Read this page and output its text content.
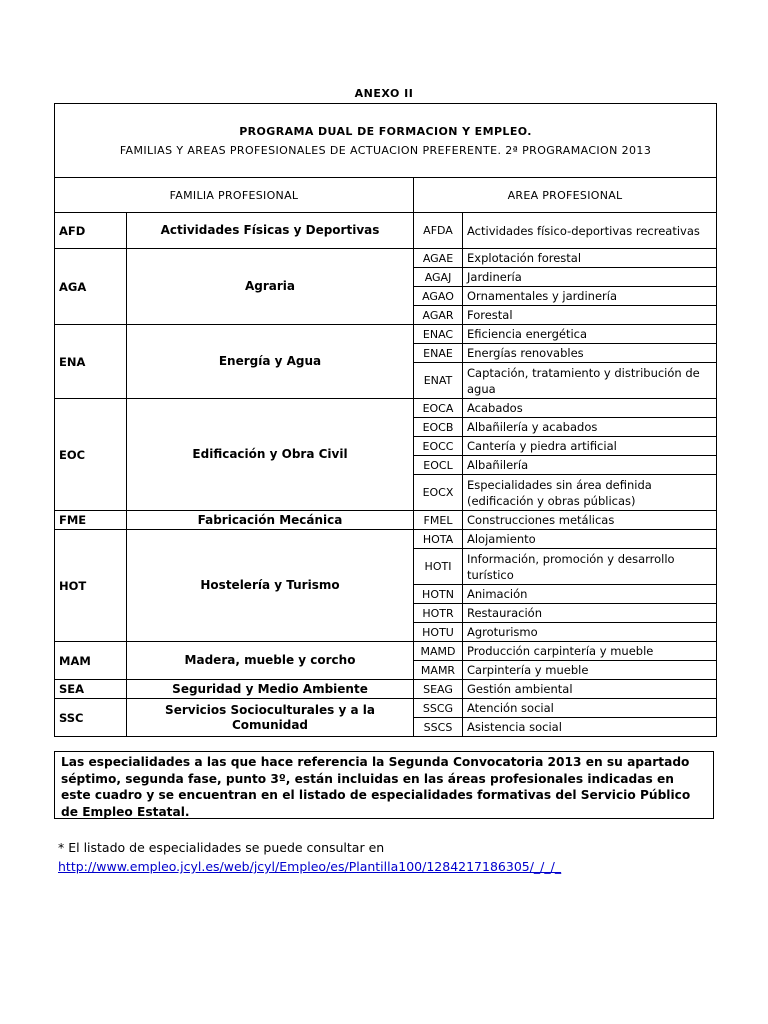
ANEXO II
PROGRAMA DUAL DE FORMACION Y EMPLEO.
FAMILIAS Y AREAS PROFESIONALES DE ACTUACION PREFERENTE. 2ª PROGRAMACION 2013			

FAMILIA PROFESIONAL		AREA PROFESIONAL	
AFD	Actividades Físicas y Deportivas	AFDA	Actividades físico-deportivas recreativas
AGA	Agraria	AGAE	Explotación forestal
		AGAJ	Jardinería
		AGAO	Ornamentales y jardinería
		AGAR	Forestal
ENA	Energía y Agua	ENAC	Eficiencia energética
		ENAE	Energías renovables
		ENAT	Captación, tratamiento y distribución de agua
EOC	Edificación y Obra Civil	EOCA	Acabados
		EOCB	Albañilería y acabados
		EOCC	Cantería y piedra artificial
		EOCL	Albañilería
		EOCX	Especialidades sin área definida (edificación y obras públicas)
FME	Fabricación Mecánica	FMEL	Construcciones metálicas
HOT	Hostelería y Turismo	HOTA	Alojamiento
		HOTI	Información, promoción y desarrollo turístico
		HOTN	Animación
		HOTR	Restauración
		HOTU	Agroturismo
MAM	Madera, mueble y corcho	MAMD	Producción carpintería y mueble
		MAMR	Carpintería y mueble
SEA	Seguridad y Medio Ambiente	SEAG	Gestión ambiental
SSC	Servicios Socioculturales y a la Comunidad	SSCG	Atención social
		SSCS	Asistencia social
Las especialidades a las que hace referencia la Segunda Convocatoria 2013 en su apartado séptimo, segunda fase, punto 3º, están incluidas en las áreas profesionales indicadas en este cuadro y se encuentran en el listado de especialidades formativas del Servicio Público de Empleo Estatal.
* El listado de especialidades se puede consultar en
http://www.empleo.jcyl.es/web/jcyl/Empleo/es/Plantilla100/1284217186305/_/_/_
